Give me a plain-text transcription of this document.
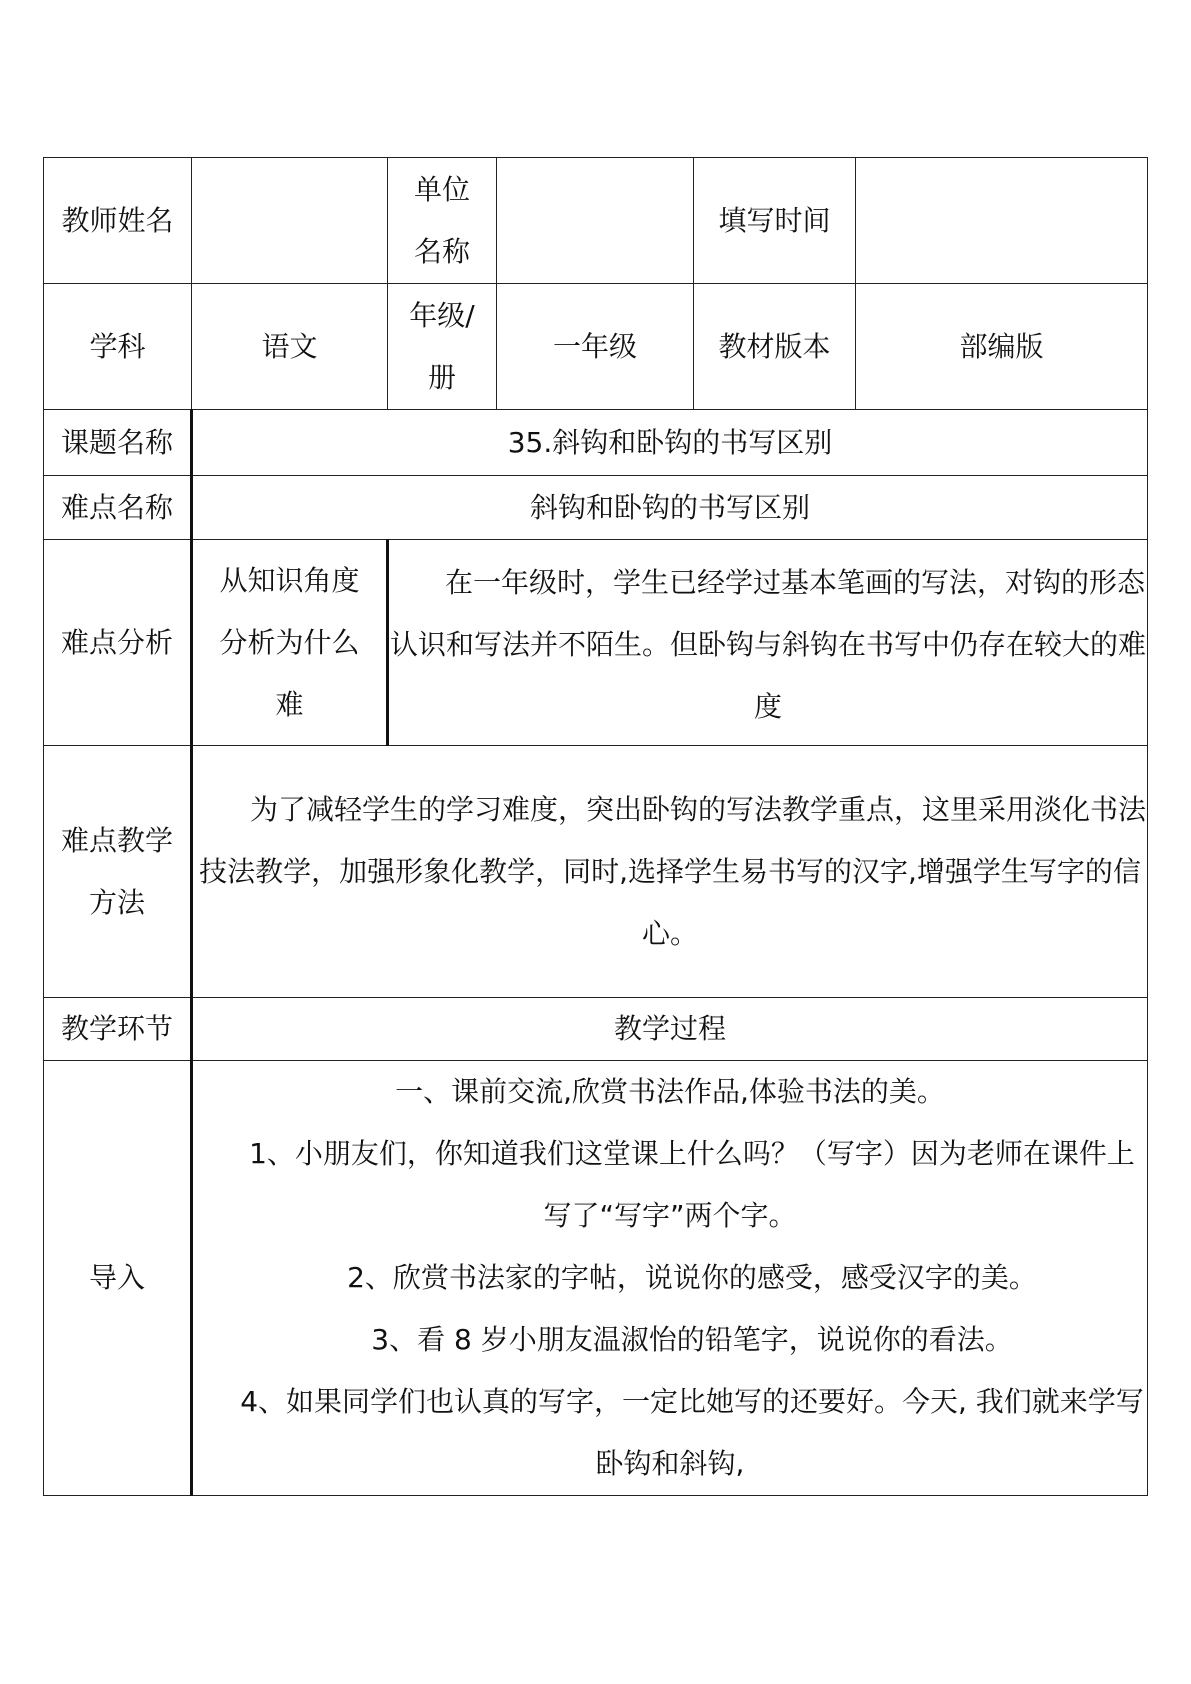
教师姓名		单位名称		填写时间	

学科	语文	年级/册	一年级	教材版本	部编版

课题名称	35.斜钩和卧钩的书写区别				

难点名称	斜钩和卧钩的书写区别				

难点分析	从知识角度分析为什么难	在一年级时，学生已经学过基本笔画的写法，对钩的形态认识和写法并不陌生。但卧钩与斜钩在书写中仍存在较大的难度			

难点教学方法	为了减轻学生的学习难度，突出卧钩的写法教学重点，这里采用淡化书法技法教学，加强形象化教学，同时,选择学生易书写的汉字,增强学生写字的信心。				

教学环节	教学过程				

导入	一、课前交流,欣赏书法作品,体验书法的美。

1、小朋友们，你知道我们这堂课上什么吗？（写字）因为老师在课件上写了“写字”两个字。

2、欣赏书法家的字帖，说说你的感受，感受汉字的美。

3、看 8 岁小朋友温淑怡的铅笔字，说说你的看法。

4、如果同学们也认真的写字，一定比她写的还要好。今天, 我们就来学写卧钩和斜钩,				
